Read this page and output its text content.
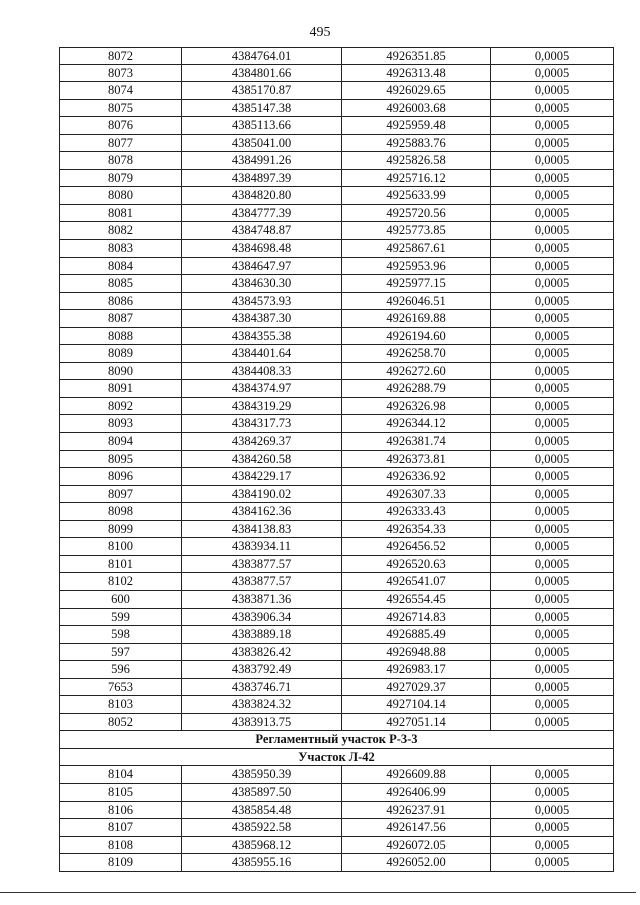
495
8072	4384764.01	4926351.85	0,0005
8073	4384801.66	4926313.48	0,0005
8074	4385170.87	4926029.65	0,0005
8075	4385147.38	4926003.68	0,0005
8076	4385113.66	4925959.48	0,0005
8077	4385041.00	4925883.76	0,0005
8078	4384991.26	4925826.58	0,0005
8079	4384897.39	4925716.12	0,0005
8080	4384820.80	4925633.99	0,0005
8081	4384777.39	4925720.56	0,0005
8082	4384748.87	4925773.85	0,0005
8083	4384698.48	4925867.61	0,0005
8084	4384647.97	4925953.96	0,0005
8085	4384630.30	4925977.15	0,0005
8086	4384573.93	4926046.51	0,0005
8087	4384387.30	4926169.88	0,0005
8088	4384355.38	4926194.60	0,0005
8089	4384401.64	4926258.70	0,0005
8090	4384408.33	4926272.60	0,0005
8091	4384374.97	4926288.79	0,0005
8092	4384319.29	4926326.98	0,0005
8093	4384317.73	4926344.12	0,0005
8094	4384269.37	4926381.74	0,0005
8095	4384260.58	4926373.81	0,0005
8096	4384229.17	4926336.92	0,0005
8097	4384190.02	4926307.33	0,0005
8098	4384162.36	4926333.43	0,0005
8099	4384138.83	4926354.33	0,0005
8100	4383934.11	4926456.52	0,0005
8101	4383877.57	4926520.63	0,0005
8102	4383877.57	4926541.07	0,0005
600	4383871.36	4926554.45	0,0005
599	4383906.34	4926714.83	0,0005
598	4383889.18	4926885.49	0,0005
597	4383826.42	4926948.88	0,0005
596	4383792.49	4926983.17	0,0005
7653	4383746.71	4927029.37	0,0005
8103	4383824.32	4927104.14	0,0005
8052	4383913.75	4927051.14	0,0005
Регламентный участок Р-3-3
Участок Л-42
8104	4385950.39	4926609.88	0,0005
8105	4385897.50	4926406.99	0,0005
8106	4385854.48	4926237.91	0,0005
8107	4385922.58	4926147.56	0,0005
8108	4385968.12	4926072.05	0,0005
8109	4385955.16	4926052.00	0,0005
